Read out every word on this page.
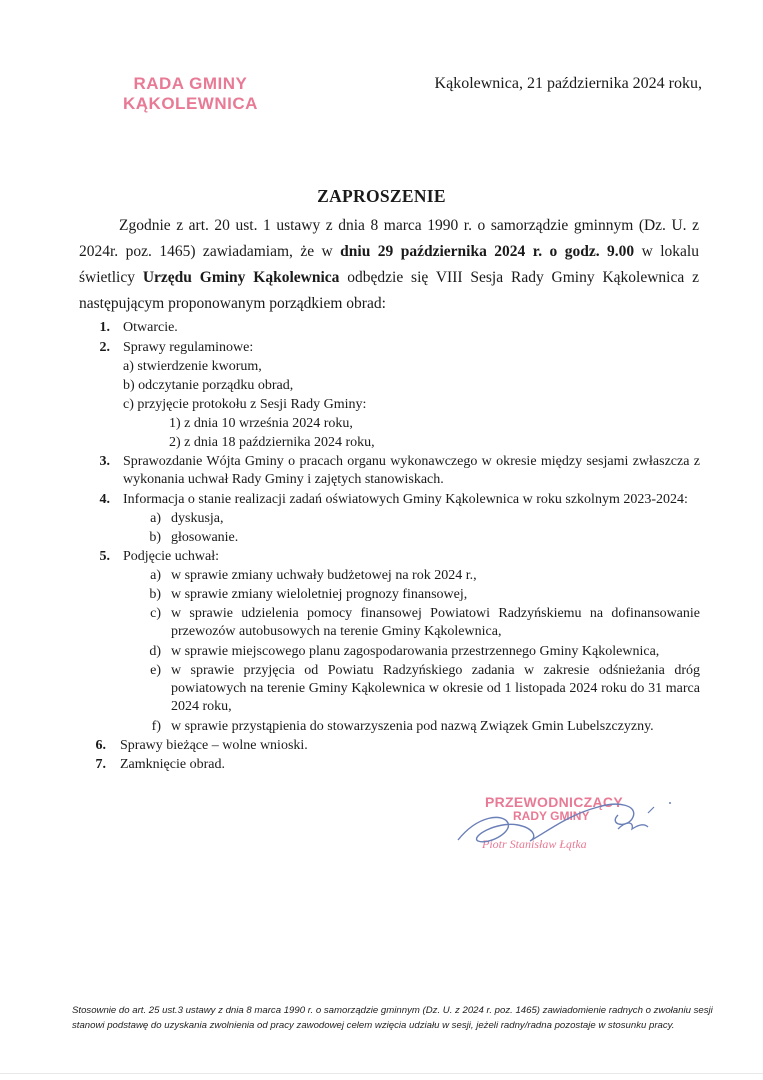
RADA GMINY
KĄKOLEWNICA
Kąkolewnica, 21 października 2024 roku,
ZAPROSZENIE

Zgodnie z art. 20 ust. 1 ustawy z dnia 8 marca 1990 r. o samorządzie gminnym (Dz. U. z 2024r. poz. 1465) zawiadamiam, że w dniu 29 października 2024 r. o godz. 9.00 w lokalu świetlicy Urzędu Gminy Kąkolewnica odbędzie się VIII Sesja Rady Gminy Kąkolewnica z następującym proponowanym porządkiem obrad:

1. Otwarcie.
2. Sprawy regulaminowe:
a) stwierdzenie kworum,
b) odczytanie porządku obrad,
c) przyjęcie protokołu z Sesji Rady Gminy:
1) z dnia 10 września 2024 roku,
2) z dnia 18 października 2024 roku,
3. Sprawozdanie Wójta Gminy o pracach organu wykonawczego w okresie między sesjami zwłaszcza z wykonania uchwał Rady Gminy i zajętych stanowiskach.
4. Informacja o stanie realizacji zadań oświatowych Gminy Kąkolewnica w roku szkolnym 2023-2024:
a) dyskusja,
b) głosowanie.
5. Podjęcie uchwał:
a) w sprawie zmiany uchwały budżetowej na rok 2024 r.,
b) w sprawie zmiany wieloletniej prognozy finansowej,
c) w sprawie udzielenia pomocy finansowej Powiatowi Radzyńskiemu na dofinansowanie przewozów autobusowych na terenie Gminy Kąkolewnica,
d) w sprawie miejscowego planu zagospodarowania przestrzennego Gminy Kąkolewnica,
e) w sprawie przyjęcia od Powiatu Radzyńskiego zadania w zakresie odśnieżania dróg powiatowych na terenie Gminy Kąkolewnica w okresie od 1 listopada 2024 roku do 31 marca 2024 roku,
f) w sprawie przystąpienia do stowarzyszenia pod nazwą Związek Gmin Lubelszczyzny.
6. Sprawy bieżące – wolne wnioski.
7. Zamknięcie obrad.
PRZEWODNICZĄCY
RADY GMINY
Piotr Stanisław Łątka
Stosownie do art. 25 ust.3 ustawy z dnia 8 marca 1990 r. o samorządzie gminnym (Dz. U. z 2024 r. poz. 1465) zawiadomienie radnych o zwołaniu sesji stanowi podstawę do uzyskania zwolnienia od pracy zawodowej celem wzięcia udziału w sesji, jeżeli radny/radna pozostaje w stosunku pracy.
